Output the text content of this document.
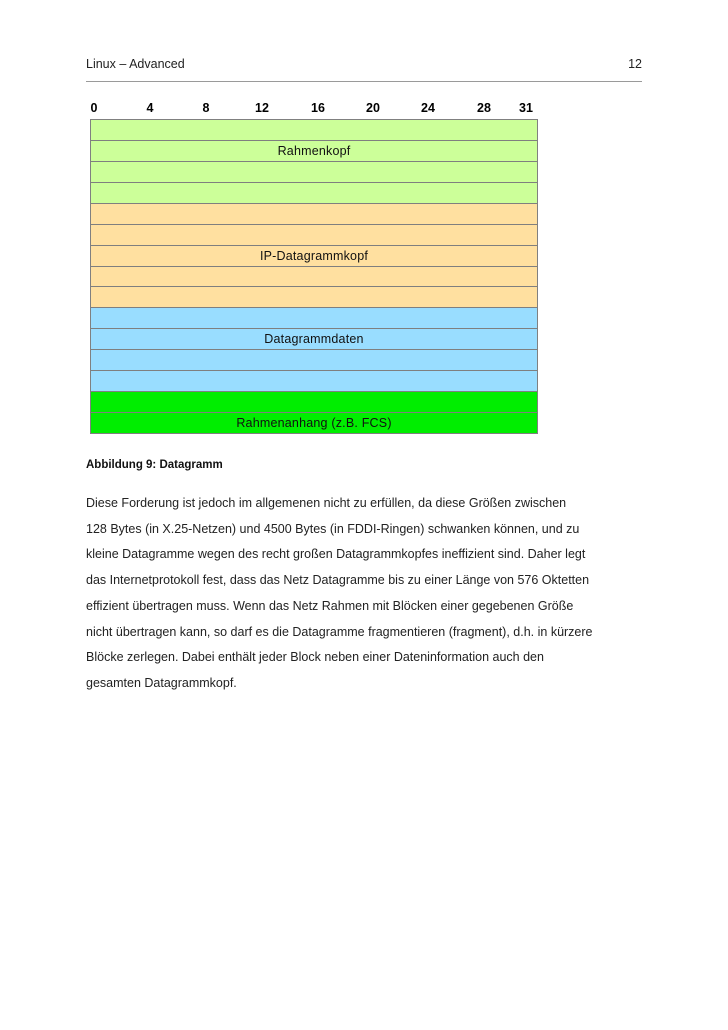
Linux – Advanced	12
0	4	8	12	16	20	24	28 31
Rahmenkopf
IP-Datagrammkopf
Datagrammdaten
Rahmenanhang (z.B. FCS)
Abbildung 9: Datagramm
Diese Forderung ist jedoch im allgemenen nicht zu erfüllen, da diese Größen zwischen
128 Bytes (in X.25-Netzen) und 4500 Bytes (in FDDI-Ringen) schwanken können, und zu
kleine Datagramme wegen des recht großen Datagrammkopfes ineffizient sind. Daher legt
das Internetprotokoll fest, dass das Netz Datagramme bis zu einer Länge von 576 Oktetten
effizient übertragen muss. Wenn das Netz Rahmen mit Blöcken einer gegebenen Größe
nicht übertragen kann, so darf es die Datagramme fragmentieren (fragment), d.h. in kürzere
Blöcke zerlegen. Dabei enthält jeder Block neben einer Dateninformation auch den
gesamten Datagrammkopf.
